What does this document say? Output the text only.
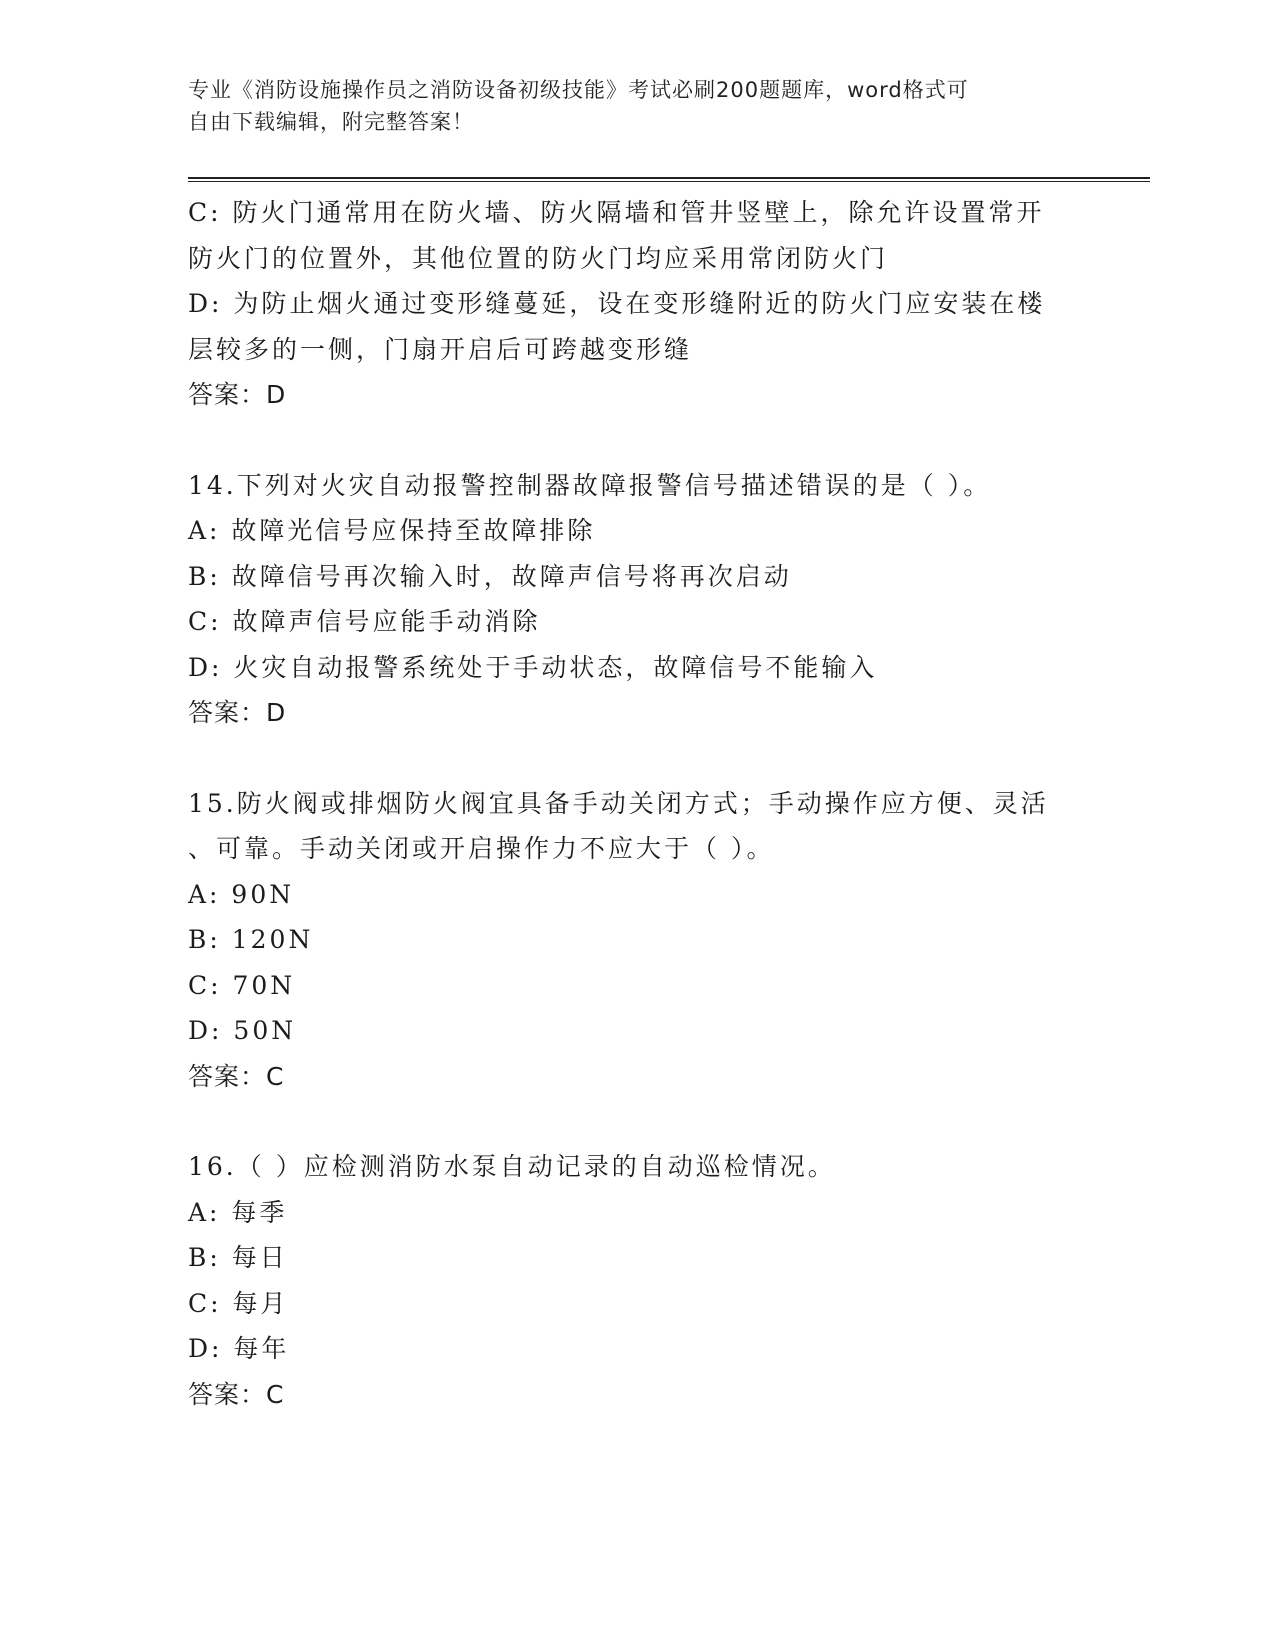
专业《消防设施操作员之消防设备初级技能》考试必刷200题题库，word格式可
自由下载编辑，附完整答案！
C: 防火门通常用在防火墙、防火隔墙和管井竖壁上，除允许设置常开
防火门的位置外，其他位置的防火门均应采用常闭防火门
D: 为防止烟火通过变形缝蔓延，设在变形缝附近的防火门应安装在楼
层较多的一侧，门扇开启后可跨越变形缝
答案：D
14.下列对火灾自动报警控制器故障报警信号描述错误的是（ ）。
A: 故障光信号应保持至故障排除
B: 故障信号再次输入时，故障声信号将再次启动
C: 故障声信号应能手动消除
D: 火灾自动报警系统处于手动状态，故障信号不能输入
答案：D
15.防火阀或排烟防火阀宜具备手动关闭方式；手动操作应方便、灵活
、可靠。手动关闭或开启操作力不应大于（ ）。
A: 90N
B: 120N
C: 70N
D: 50N
答案：C
16.（ ）应检测消防水泵自动记录的自动巡检情况。
A: 每季
B: 每日
C: 每月
D: 每年
答案：C
